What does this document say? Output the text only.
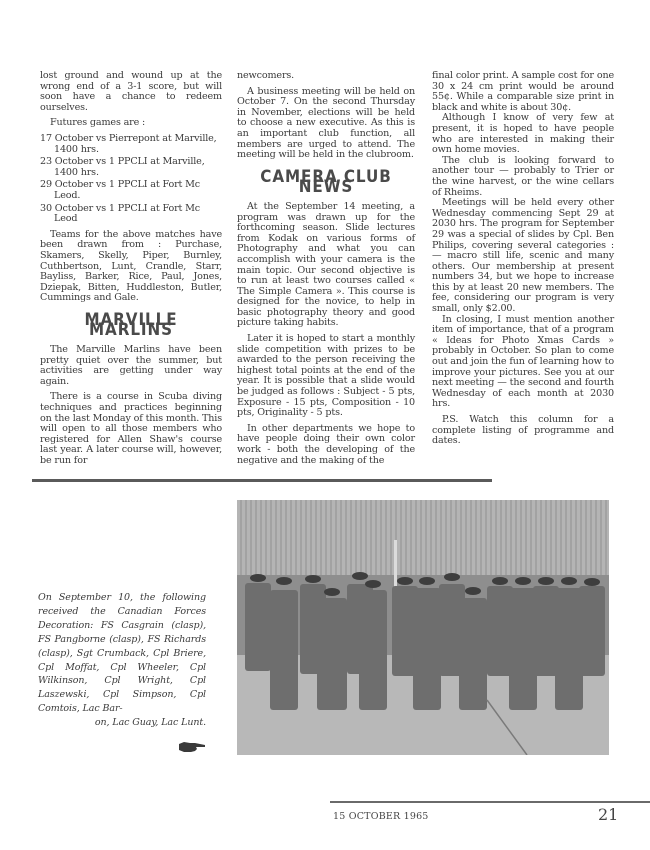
lost ground and wound up at the wrong end of a 3-1 score, but will soon have a chance to redeem ourselves.

Futures games are :

17 October vs Pierrepont at Marville, 1400 hrs.
23 October vs 1 PPCLI at Marville, 1400 hrs.
29 October vs 1 PPCLI at Fort Mc Leod.
30 October vs 1 PPCLI at Fort Mc Leod

Teams for the above matches have been drawn from : Purchase, Skamers, Skelly, Piper, Burnley, Cuthbertson, Lunt, Crandle, Starr, Bayliss, Barker, Rice, Paul, Jones, Dziepak, Bitten, Huddleston, Butler, Cummings and Gale.

MARVILLE MARLINS

The Marville Marlins have been pretty quiet over the summer, but activities are getting under way again.

There is a course in Scuba diving techniques and practices beginning on the last Monday of this month. This will open to all those members who registered for Allen Shaw's course last year. A later course will, however, be run for

newcomers.

A business meeting will be held on October 7. On the second Thursday in November, elections will be held to choose a new executive. As this is an important club function, all members are urged to attend. The meeting will be held in the clubroom.

CAMERA CLUB NEWS

At the September 14 meeting, a program was drawn up for the forthcoming season. Slide lectures from Kodak on various forms of Photography and what you can accomplish with your camera is the main topic. Our second objective is to run at least two courses called « The Simple Camera ». This course is designed for the novice, to help in basic photography theory and good picture taking habits.

Later it is hoped to start a monthly slide competition with prizes to be awarded to the person receiving the highest total points at the end of the year. It is possible that a slide would be judged as follows : Subject - 5 pts, Exposure - 15 pts, Composition - 10 pts, Originality - 5 pts.

In other departments we hope to have people doing their own color work - both the developing of the negative and the making of the

final color print. A sample cost for one 30 x 24 cm print would be around 55¢. While a comparable size print in black and white is about 30¢.

Although I know of very few at present, it is hoped to have people who are interested in making their own home movies.

The club is looking forward to another tour — probably to Trier or the wine harvest, or the wine cellars of Rheims.

Meetings will be held every other Wednesday commencing Sept 29 at 2030 hrs. The program for September 29 was a special of slides by Cpl. Ben Philips, covering several categories : — macro still life, scenic and many others. Our membership at present numbers 34, but we hope to increase this by at least 20 new members. The fee, considering our program is very small, only $2.00.

In closing, I must mention another item of importance, that of a program « Ideas for Photo Xmas Cards » probably in October. So plan to come out and join the fun of learning how to improve your pictures. See you at our next meeting — the second and fourth Wednesday of each month at 2030 hrs.

P.S. Watch this column for a complete listing of programme and dates.

On September 10, the following received the Canadian Forces Decoration: FS Casgrain (clasp), FS Pangborne (clasp), FS Richards (clasp), Sgt Crumback, Cpl Briere, Cpl Moffat, Cpl Wheeler, Cpl Wilkinson, Cpl Wright, Cpl Laszewski, Cpl Simpson, Cpl Comtois, Lac Bar-
on, Lac Guay, Lac Lunt.
15 OCTOBER 1965	21
